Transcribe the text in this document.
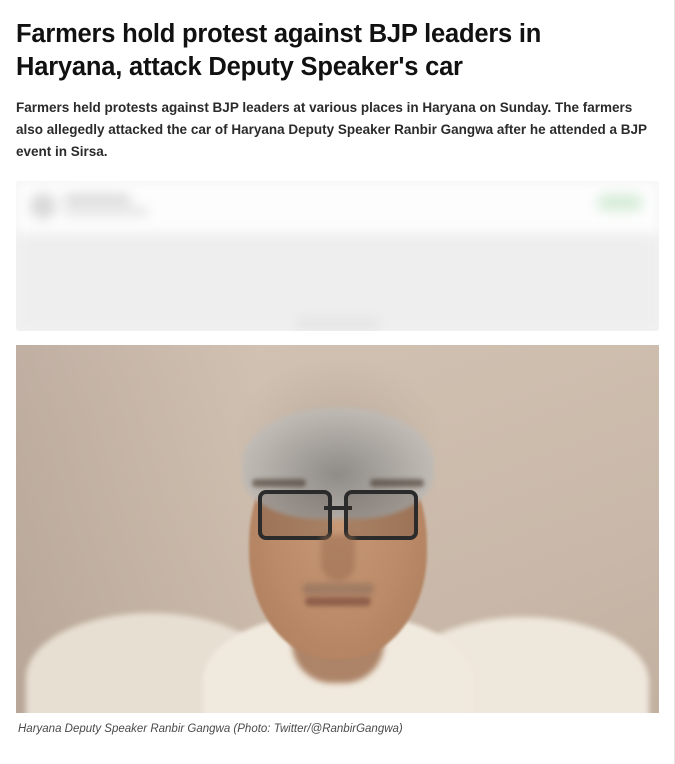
Farmers hold protest against BJP leaders in Haryana, attack Deputy Speaker's car

Farmers held protests against BJP leaders at various places in Haryana on Sunday. The farmers also allegedly attacked the car of Haryana Deputy Speaker Ranbir Gangwa after he attended a BJP event in Sirsa.

Haryana Deputy Speaker Ranbir Gangwa (Photo: Twitter/@RanbirGangwa)
